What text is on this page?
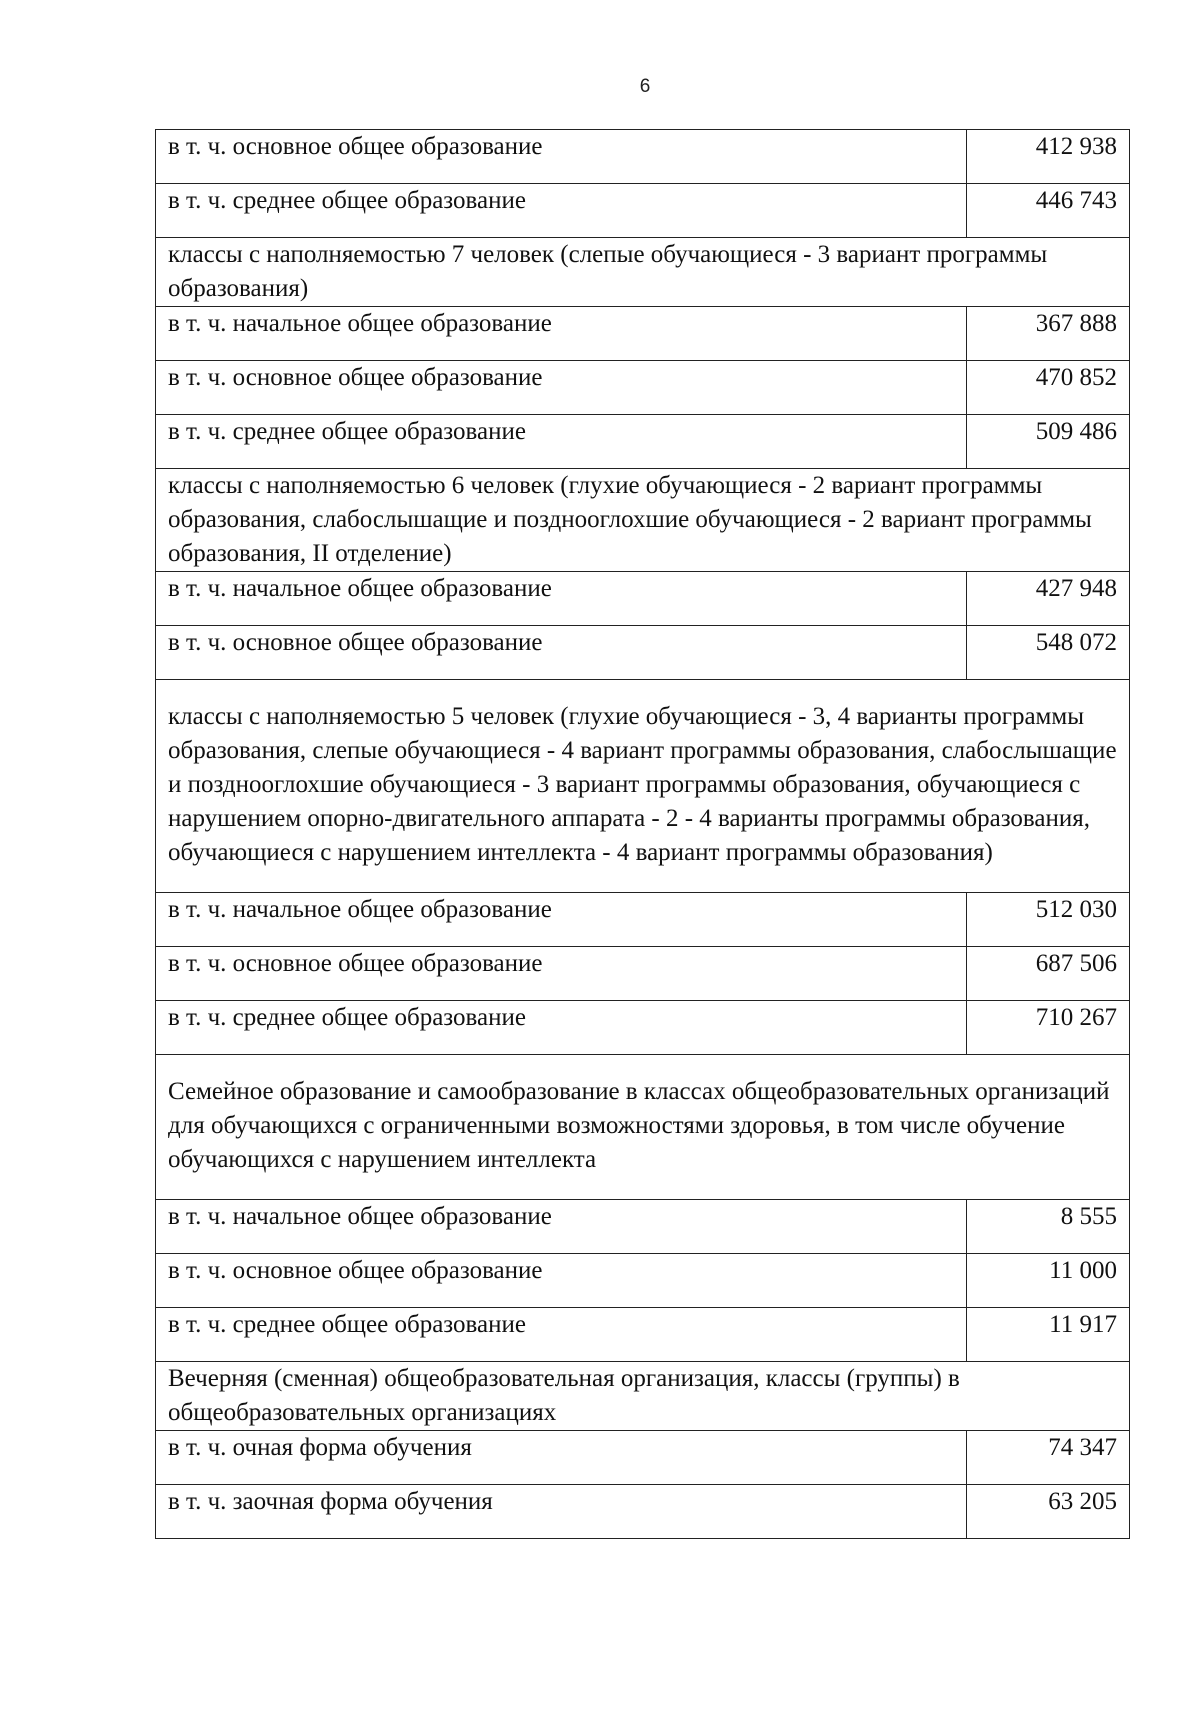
6
в т. ч. основное общее образование	412 938
в т. ч. среднее общее образование	446 743
классы с наполняемостью 7 человек (слепые обучающиеся - 3 вариант программы образования)	
в т. ч. начальное общее образование	367 888
в т. ч. основное общее образование	470 852
в т. ч. среднее общее образование	509 486
классы с наполняемостью 6 человек (глухие обучающиеся - 2 вариант программы образования, слабослышащие и позднооглохшие обучающиеся - 2 вариант программы образования, II отделение)	
в т. ч. начальное общее образование	427 948
в т. ч. основное общее образование	548 072
классы с наполняемостью 5 человек (глухие обучающиеся - 3, 4 варианты программы образования, слепые обучающиеся - 4 вариант программы образования, слабослышащие и позднооглохшие обучающиеся - 3 вариант программы образования, обучающиеся с нарушением опорно-двигательного аппарата - 2 - 4 варианты программы образования, обучающиеся с нарушением интеллекта - 4 вариант программы образования)	
в т. ч. начальное общее образование	512 030
в т. ч. основное общее образование	687 506
в т. ч. среднее общее образование	710 267
Семейное образование и самообразование в классах общеобразовательных организаций для обучающихся с ограниченными возможностями здоровья, в том числе обучение обучающихся с нарушением интеллекта	
в т. ч. начальное общее образование	8 555
в т. ч. основное общее образование	11 000
в т. ч. среднее общее образование	11 917
Вечерняя (сменная) общеобразовательная организация, классы (группы) в общеобразовательных организациях	
в т. ч. очная форма обучения	74 347
в т. ч. заочная форма обучения	63 205
